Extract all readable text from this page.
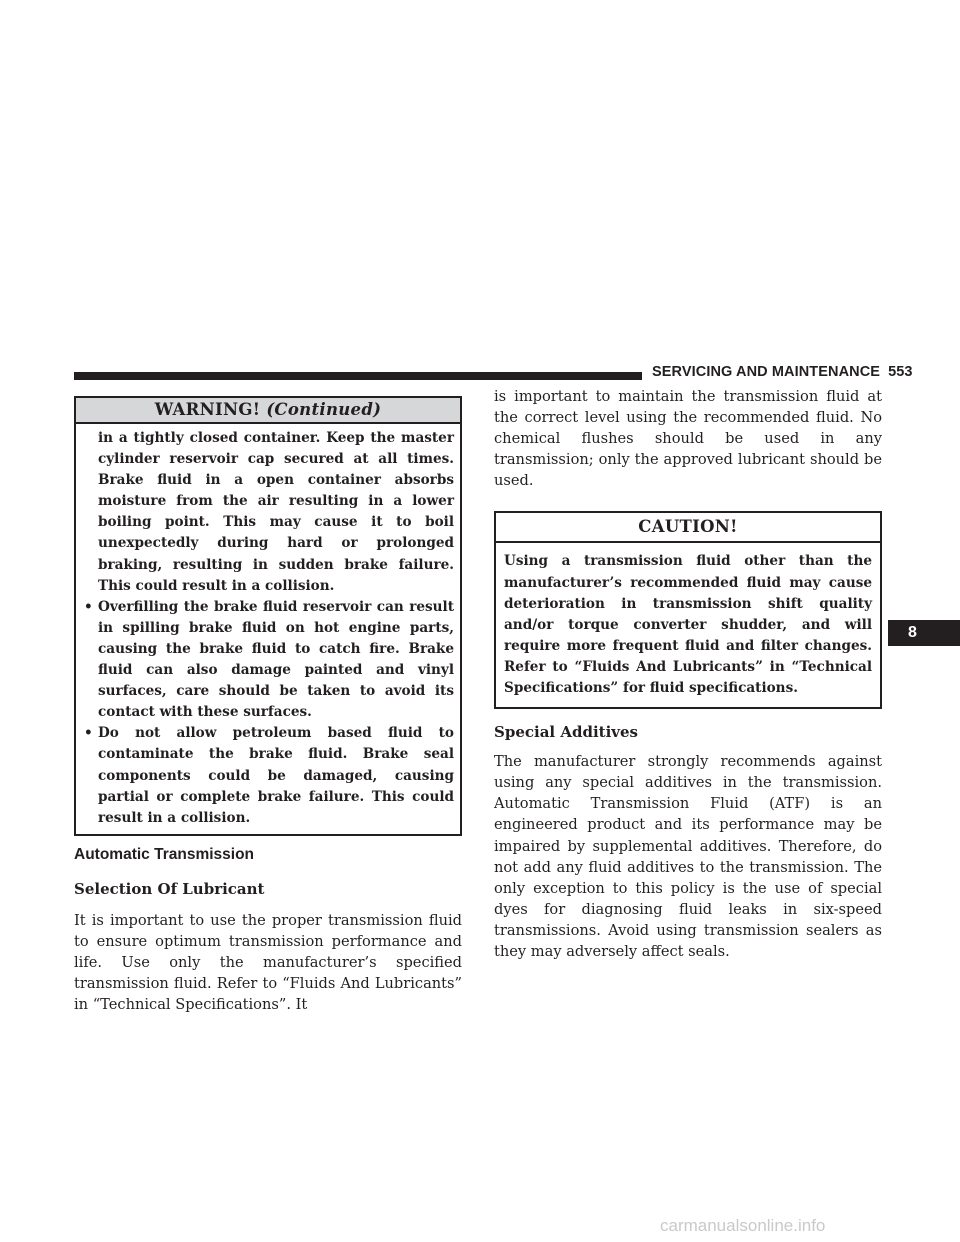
SERVICING AND MAINTENANCE 553
WARNING! (Continued)

in a tightly closed container. Keep the master cylinder reservoir cap secured at all times. Brake fluid in a open container absorbs moisture from the air resulting in a lower boiling point. This may cause it to boil unexpectedly during hard or prolonged braking, resulting in sudden brake failure. This could result in a collision.

• Overfilling the brake fluid reservoir can result in spilling brake fluid on hot engine parts, causing the brake fluid to catch fire. Brake fluid can also damage painted and vinyl surfaces, care should be taken to avoid its contact with these surfaces.

• Do not allow petroleum based fluid to contaminate the brake fluid. Brake seal components could be damaged, causing partial or complete brake failure. This could result in a collision.

Automatic Transmission
Selection Of Lubricant

It is important to use the proper transmission fluid to ensure optimum transmission performance and life. Use only the manufacturer’s specified transmission fluid. Refer to “Fluids And Lubricants” in “Technical Specifications”. It

is important to maintain the transmission fluid at the correct level using the recommended fluid. No chemical flushes should be used in any transmission; only the approved lubricant should be used.

CAUTION!
Using a transmission fluid other than the manufacturer’s recommended fluid may cause deterioration in transmission shift quality and/or torque converter shudder, and will require more frequent fluid and filter changes. Refer to “Fluids And Lubricants” in “Technical Specifications” for fluid specifications.
Special Additives

The manufacturer strongly recommends against using any special additives in the transmission. Automatic Transmission Fluid (ATF) is an engineered product and its performance may be impaired by supplemental additives. Therefore, do not add any fluid additives to the transmission. The only exception to this policy is the use of special dyes for diagnosing fluid leaks in six-speed transmissions. Avoid using transmission sealers as they may adversely affect seals.

8
carmanualsonline.info
